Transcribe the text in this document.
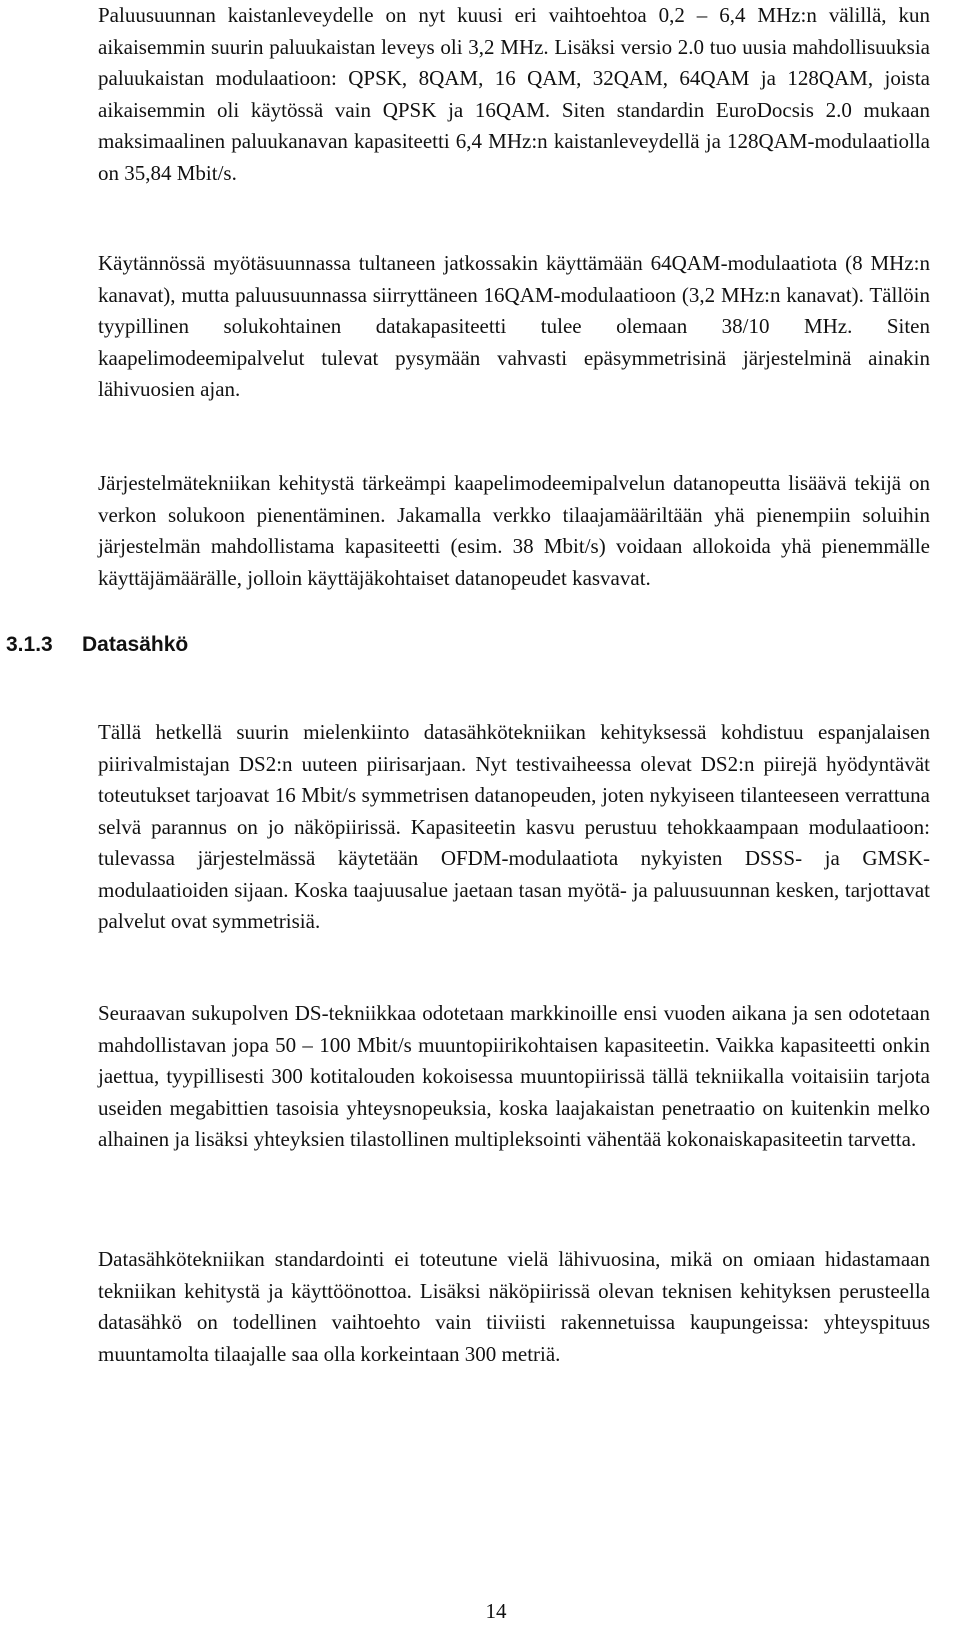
Paluusuunnan kaistanleveydelle on nyt kuusi eri vaihtoehtoa 0,2 – 6,4 MHz:n välillä, kun aikaisemmin suurin paluukaistan leveys oli 3,2 MHz. Lisäksi versio 2.0 tuo uusia mahdollisuuksia paluukaistan modulaatioon: QPSK, 8QAM, 16 QAM, 32QAM, 64QAM ja 128QAM, joista aikaisemmin oli käytössä vain QPSK ja 16QAM. Siten standardin EuroDocsis 2.0 mukaan maksimaalinen paluukanavan kapasiteetti 6,4 MHz:n kaistanleveydellä ja 128QAM-modulaatiolla on 35,84 Mbit/s.

Käytännössä myötäsuunnassa tultaneen jatkossakin käyttämään 64QAM-modulaatiota (8 MHz:n kanavat), mutta paluusuunnassa siirryttäneen 16QAM-modulaatioon (3,2 MHz:n kanavat). Tällöin tyypillinen solukohtainen datakapasiteetti tulee olemaan 38/10 MHz. Siten kaapelimodeemipalvelut tulevat pysymään vahvasti epäsymmetrisinä järjestelminä ainakin lähivuosien ajan.

Järjestelmätekniikan kehitystä tärkeämpi kaapelimodeemipalvelun datanopeutta lisäävä tekijä on verkon solukoon pienentäminen. Jakamalla verkko tilaajamääriltään yhä pienempiin soluihin järjestelmän mahdollistama kapasiteetti (esim. 38 Mbit/s) voidaan allokoida yhä pienemmälle käyttäjämäärälle, jolloin käyttäjäkohtaiset datanopeudet kasvavat.

Tällä hetkellä suurin mielenkiinto datasähkötekniikan kehityksessä kohdistuu espanjalaisen piirivalmistajan DS2:n uuteen piirisarjaan. Nyt testivaiheessa olevat DS2:n piirejä hyödyntävät toteutukset tarjoavat 16 Mbit/s symmetrisen datanopeuden, joten nykyiseen tilanteeseen verrattuna selvä parannus on jo näköpiirissä. Kapasiteetin kasvu perustuu tehokkaampaan modulaatioon: tulevassa järjestelmässä käytetään OFDM-modulaatiota nykyisten DSSS- ja GMSK-modulaatioiden sijaan. Koska taajuusalue jaetaan tasan myötä- ja paluusuunnan kesken, tarjottavat palvelut ovat symmetrisiä.

Seuraavan sukupolven DS-tekniikkaa odotetaan markkinoille ensi vuoden aikana ja sen odotetaan mahdollistavan jopa 50 – 100 Mbit/s muuntopiirikohtaisen kapasiteetin. Vaikka kapasiteetti onkin jaettua, tyypillisesti 300 kotitalouden kokoisessa muuntopiirissä tällä tekniikalla voitaisiin tarjota useiden megabittien tasoisia yhteysnopeuksia, koska laajakaistan penetraatio on kuitenkin melko alhainen ja lisäksi yhteyksien tilastollinen multipleksointi vähentää kokonaiskapasiteetin tarvetta.

Datasähkötekniikan standardointi ei toteutune vielä lähivuosina, mikä on omiaan hidastamaan tekniikan kehitystä ja käyttöönottoa. Lisäksi näköpiirissä olevan teknisen kehityksen perusteella datasähkö on todellinen vaihtoehto vain tiiviisti rakennetuissa kaupungeissa: yhteyspituus muuntamolta tilaajalle saa olla korkeintaan 300 metriä.

3.1.3 Datasähkö
14
